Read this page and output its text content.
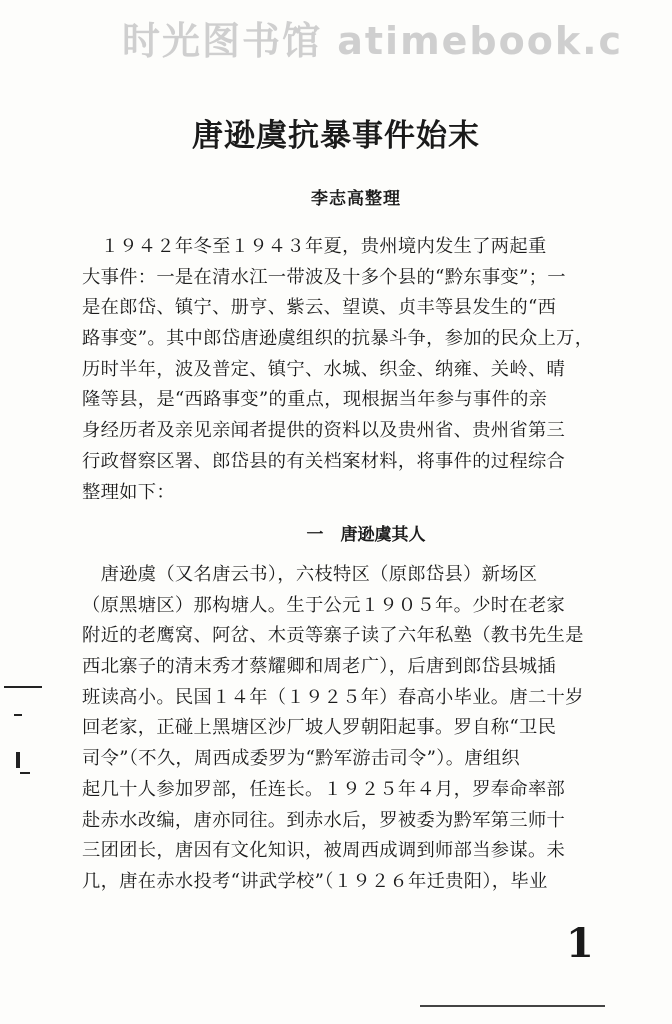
时光图书馆 atimebook.c
唐逊虞抗暴事件始末
李志高整理
　１９４２年冬至１９４３年夏，贵州境内发生了两起重
大事件：一是在清水江一带波及十多个县的“黔东事变”；一
是在郎岱、镇宁、册亨、紫云、望谟、贞丰等县发生的“西
路事变”。其中郎岱唐逊虞组织的抗暴斗争，参加的民众上万，
历时半年，波及普定、镇宁、水城、织金、纳雍、关岭、晴
隆等县，是“西路事变”的重点，现根据当年参与事件的亲
身经历者及亲见亲闻者提供的资料以及贵州省、贵州省第三
行政督察区署、郎岱县的有关档案材料，将事件的过程综合
整理如下：
一　唐逊虞其人
　唐逊虞（又名唐云书），六枝特区（原郎岱县）新场区
（原黑塘区）那构塘人。生于公元１９０５年。少时在老家
附近的老鹰窝、阿岔、木贡等寨子读了六年私塾（教书先生是
西北寨子的清末秀才蔡耀卿和周老广），后唐到郎岱县城插
班读高小。民国１４年（１９２５年）春高小毕业。唐二十岁
回老家，正碰上黑塘区沙厂坡人罗朝阳起事。罗自称“卫民
司令”（不久，周西成委罗为“黔军游击司令”）。唐组织
起几十人参加罗部，任连长。１９２５年４月，罗奉命率部
赴赤水改编，唐亦同往。到赤水后，罗被委为黔军第三师十
三团团长，唐因有文化知识，被周西成调到师部当参谋。未
几，唐在赤水投考“讲武学校”（１９２６年迁贵阳），毕业
1
